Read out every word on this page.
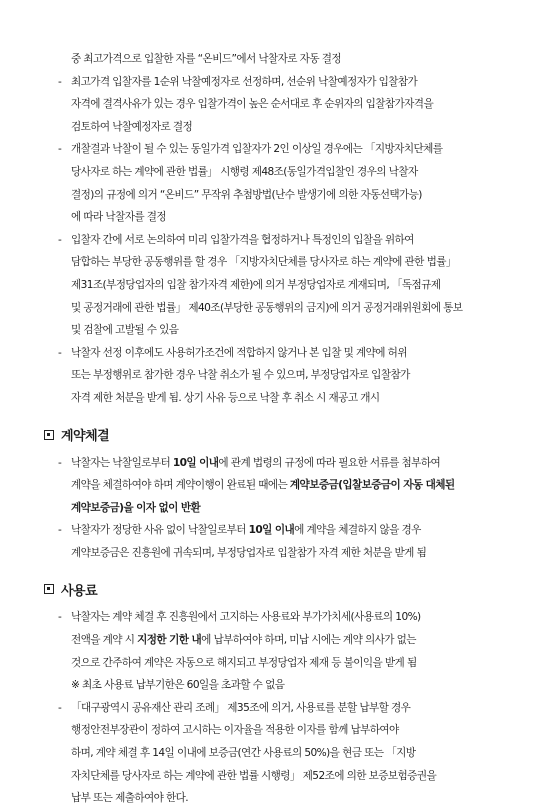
중 최고가격으로 입찰한 자를 “온비드”에서 낙찰자로 자동 결정
- 최고가격 입찰자를 1순위 낙찰예정자로 선정하며, 선순위 낙찰예정자가 입찰참가
자격에 결격사유가 있는 경우 입찰가격이 높은 순서대로 후 순위자의 입찰참가자격을
검토하여 낙찰예정자로 결정
- 개찰결과 낙찰이 될 수 있는 동일가격 입찰자가 2인 이상일 경우에는 「지방자치단체를
당사자로 하는 계약에 관한 법률」 시행령 제48조(동일가격입찰인 경우의 낙찰자
결정)의 규정에 의거 “온비드” 무작위 추첨방법(난수 발생기에 의한 자동선택가능)
에 따라 낙찰자를 결정
- 입찰자 간에 서로 논의하여 미리 입찰가격을 협정하거나 특정인의 입찰을 위하여
담합하는 부당한 공동행위를 할 경우 「지방자치단체를 당사자로 하는 계약에 관한 법률」
제31조(부정당업자의 입찰 참가자격 제한)에 의거 부정당업자로 게재되며, 「독점규제
및 공정거래에 관한 법률」 제40조(부당한 공동행위의 금지)에 의거 공정거래위원회에 통보
및 검찰에 고발될 수 있음
- 낙찰자 선정 이후에도 사용허가조건에 적합하지 않거나 본 입찰 및 계약에 허위
또는 부정행위로 참가한 경우 낙찰 취소가 될 수 있으며, 부정당업자로 입찰참가
자격 제한 처분을 받게 됨. 상기 사유 등으로 낙찰 후 취소 시 재공고 개시
계약체결
- 낙찰자는 낙찰일로부터 10일 이내에 관계 법령의 규정에 따라 필요한 서류를 첨부하여
계약을 체결하여야 하며 계약이행이 완료된 때에는 계약보증금(입찰보증금이 자동 대체된
계약보증금)을 이자 없이 반환
- 낙찰자가 정당한 사유 없이 낙찰일로부터 10일 이내에 계약을 체결하지 않을 경우
계약보증금은 진흥원에 귀속되며, 부정당업자로 입찰참가 자격 제한 처분을 받게 됨
사용료
- 낙찰자는 계약 체결 후 진흥원에서 고지하는 사용료와 부가가치세(사용료의 10%)
전액을 계약 시 지정한 기한 내에 납부하여야 하며, 미납 시에는 계약 의사가 없는
것으로 간주하여 계약은 자동으로 해지되고 부정당업자 제재 등 불이익을 받게 됨
※ 최초 사용료 납부기한은 60일을 초과할 수 없음
- 「대구광역시 공유재산 관리 조례」 제35조에 의거, 사용료를 분할 납부할 경우
행정안전부장관이 정하여 고시하는 이자율을 적용한 이자를 함께 납부하여야
하며, 계약 체결 후 14일 이내에 보증금(연간 사용료의 50%)을 현금 또는 「지방
자치단체를 당사자로 하는 계약에 관한 법률 시행령」 제52조에 의한 보증보험증권을
납부 또는 제출하여야 한다.
